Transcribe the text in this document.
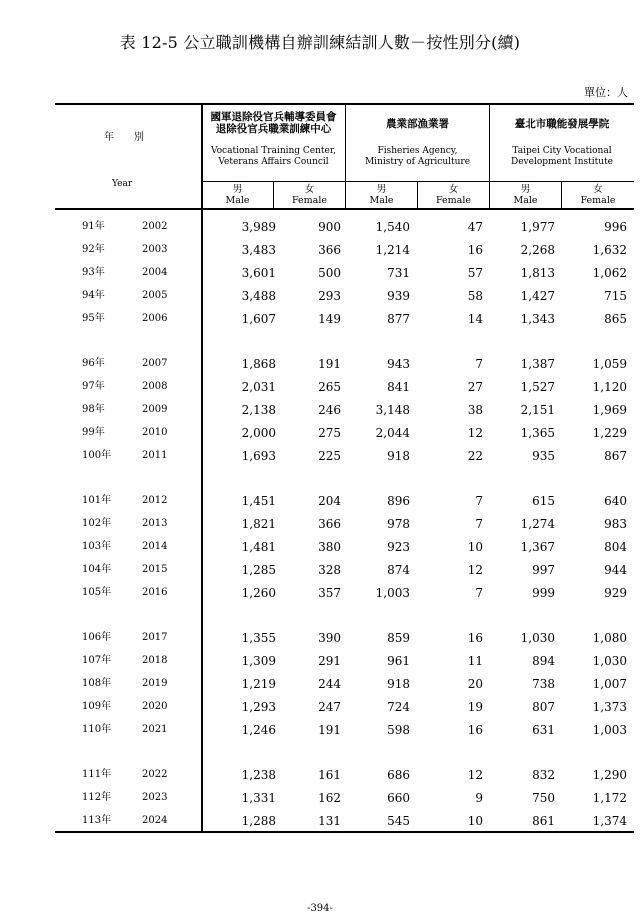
表 12-5 公立職訓機構自辦訓練結訓人數－按性別分(續)
單位：人
年　　別
Year
國軍退除役官兵輔導委員會
退除役官兵職業訓練中心
Vocational Training Center,
Veterans Affairs Council
農業部漁業署
Fisheries Agency,
Ministry of Agriculture
臺北市職能發展學院
Taipei City Vocational
Development Institute
男
Male
女
Female
男
Male
女
Female
男
Male
女
Female
91年	2002	3,989	900	1,540	47	1,977	996
92年	2003	3,483	366	1,214	16	2,268	1,632
93年	2004	3,601	500	731	57	1,813	1,062
94年	2005	3,488	293	939	58	1,427	715
95年	2006	1,607	149	877	14	1,343	865
96年	2007	1,868	191	943	7	1,387	1,059
97年	2008	2,031	265	841	27	1,527	1,120
98年	2009	2,138	246	3,148	38	2,151	1,969
99年	2010	2,000	275	2,044	12	1,365	1,229
100年	2011	1,693	225	918	22	935	867
101年	2012	1,451	204	896	7	615	640
102年	2013	1,821	366	978	7	1,274	983
103年	2014	1,481	380	923	10	1,367	804
104年	2015	1,285	328	874	12	997	944
105年	2016	1,260	357	1,003	7	999	929
106年	2017	1,355	390	859	16	1,030	1,080
107年	2018	1,309	291	961	11	894	1,030
108年	2019	1,219	244	918	20	738	1,007
109年	2020	1,293	247	724	19	807	1,373
110年	2021	1,246	191	598	16	631	1,003
111年	2022	1,238	161	686	12	832	1,290
112年	2023	1,331	162	660	9	750	1,172
113年	2024	1,288	131	545	10	861	1,374
-394-
